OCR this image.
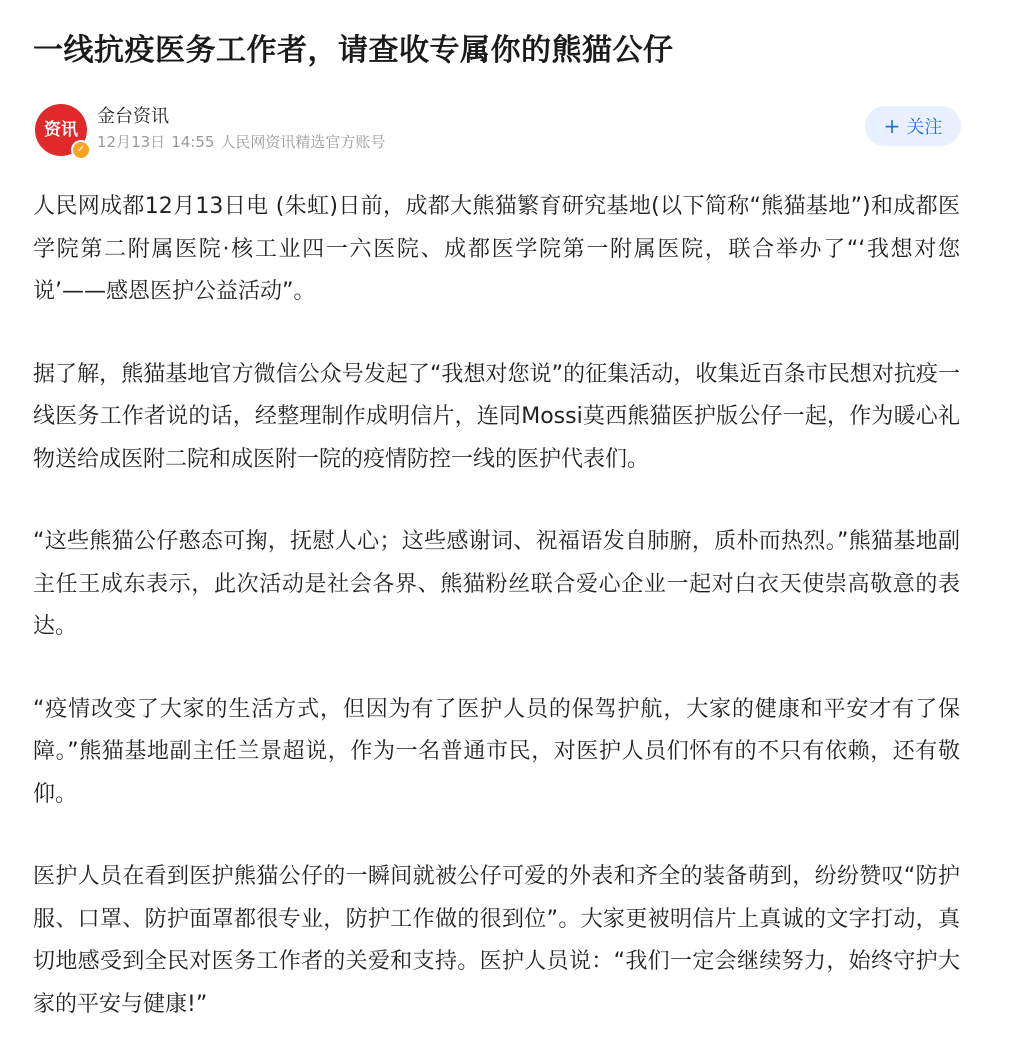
一线抗疫医务工作者，请查收专属你的熊猫公仔
资讯
✓
金台资讯
12月13日 14:55 人民网资讯精选官方账号
+ 关注

人民网成都12月13日电 (朱虹)日前，成都大熊猫繁育研究基地(以下简称“熊猫基地”)和成都医学院第二附属医院·核工业四一六医院、成都医学院第一附属医院，联合举办了“‘我想对您说’——感恩医护公益活动”。

据了解，熊猫基地官方微信公众号发起了“我想对您说”的征集活动，收集近百条市民想对抗疫一线医务工作者说的话，经整理制作成明信片，连同Mossi莫西熊猫医护版公仔一起，作为暖心礼物送给成医附二院和成医附一院的疫情防控一线的医护代表们。

“这些熊猫公仔憨态可掬，抚慰人心；这些感谢词、祝福语发自肺腑，质朴而热烈。”熊猫基地副主任王成东表示，此次活动是社会各界、熊猫粉丝联合爱心企业一起对白衣天使崇高敬意的表达。

“疫情改变了大家的生活方式，但因为有了医护人员的保驾护航，大家的健康和平安才有了保障。”熊猫基地副主任兰景超说，作为一名普通市民，对医护人员们怀有的不只有依赖，还有敬仰。

医护人员在看到医护熊猫公仔的一瞬间就被公仔可爱的外表和齐全的装备萌到，纷纷赞叹“防护服、口罩、防护面罩都很专业，防护工作做的很到位”。大家更被明信片上真诚的文字打动，真切地感受到全民对医务工作者的关爱和支持。医护人员说：“我们一定会继续努力，始终守护大家的平安与健康!”
